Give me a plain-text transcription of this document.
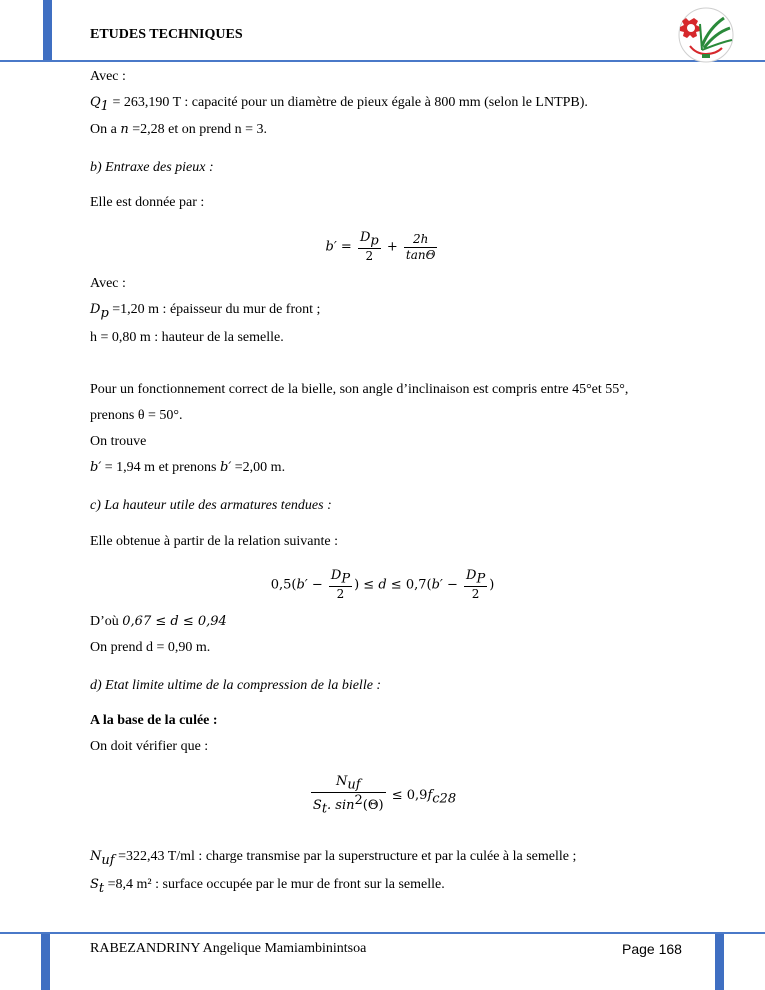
ETUDES TECHNIQUES
Avec :
$Q_1 = 263,190$ T : capacité pour un diamètre de pieux égale à 800 mm (selon le LNTPB).
On a n =2,28 et on prend n = 3.
b) Entraxe des pieux :
Elle est donnée par :
$b' = \frac{D_p}{2} + \frac{2h}{\tan\Theta}$
Avec :
$D_p =1,20$ m : épaisseur du mur de front ;
h = 0,80 m : hauteur de la semelle.
Pour un fonctionnement correct de la bielle, son angle d’inclinaison est compris entre 45°et 55°,
prenons θ = 50°.
On trouve
b′ = 1,94 m et prenons b′ =2,00 m.
c) La hauteur utile des armatures tendues :
Elle obtenue à partir de la relation suivante :
$0,5(b' - \frac{D_P}{2}$ ) ≤ $d \le 0,7(b' - \frac{D_P}{2}$ )
D’où 0,67 ≤ d ≤ 0,94
On prend d = 0,90 m.
d) Etat limite ultime de la compression de la bielle :
A la base de la culée :
On doit vérifier que :
$\frac{N_{uf}}{S_t. \sin^2(\Theta)} \le 0,9f_{c28}$
$N_{uf} =322,43$ T/ml : charge transmise par la superstructure et par la culée à la semelle ;
$S_t =8,4$ m² : surface occupée par le mur de front sur la semelle.
RABEZANDRINY Angelique Mamiambinintsoa	Page 168
